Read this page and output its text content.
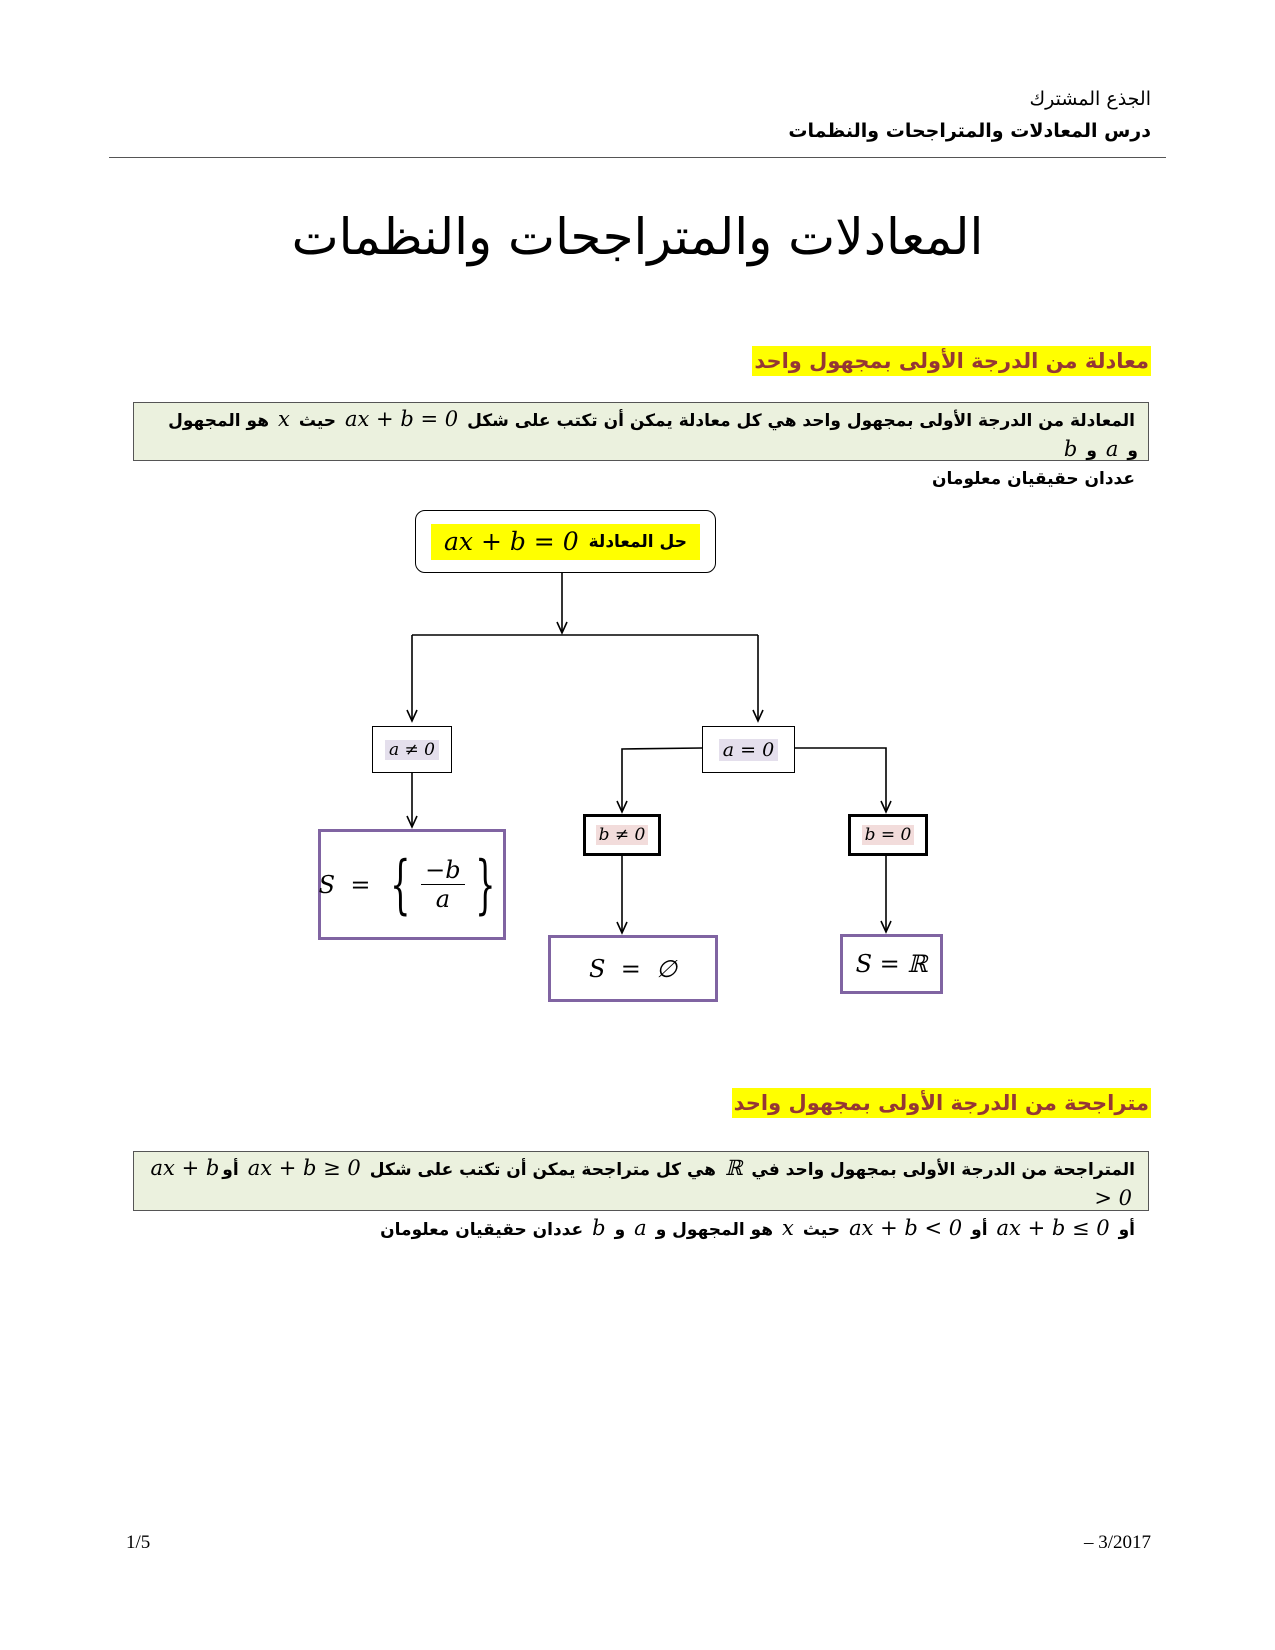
الجذع المشترك
درس المعادلات والمتراجحات والنظمات
المعادلات والمتراجحات والنظمات
معادلة من الدرجة الأولى بمجهول واحد
المعادلة من الدرجة الأولى بمجهول واحد هي كل معادلة يمكن أن تكتب على شكلax + b = 0حيثxهو المجهول وaوb
عددان حقيقيان معلومان
حل المعادلة
ax + b = 0
a ≠ 0	a = 0
b ≠ 0	b = 0
S  = { $\frac{-b}{a}$ }
S  =  ∅	S = ℝ
متراجحة من الدرجة الأولى بمجهول واحد
المتراجحة من الدرجة الأولى بمجهول واحد فيℝهي كل متراجحة يمكن أن تكتب على شكلax + b ≥ 0أوax + b > 0
أوax + b ≤ 0أوax + b < 0حيثxهو المجهول وaوbعددان حقيقيان معلومان
1/5	– 3/2017
